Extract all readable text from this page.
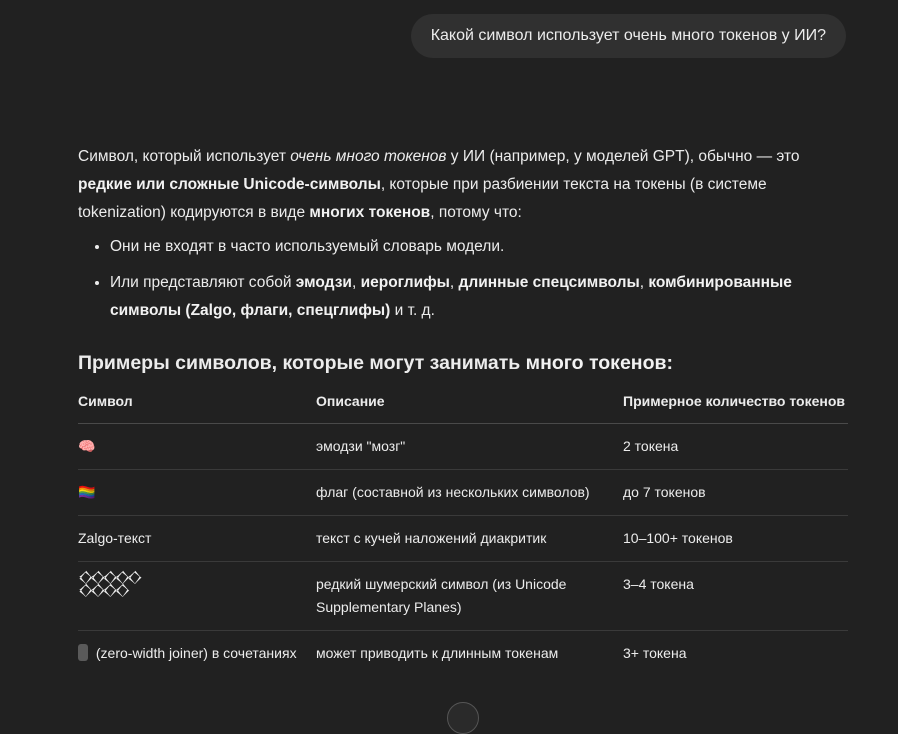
Какой символ использует очень много токенов у ИИ?

Символ, который использует очень много токенов у ИИ (например, у моделей GPT), обычно — это редкие или сложные Unicode-символы, которые при разбиении текста на токены (в системе tokenization) кодируются в виде многих токенов, потому что:

• Они не входят в часто используемый словарь модели.
• Или представляют собой эмодзи, иероглифы, длинные спецсимволы, комбинированные символы (Zalgo, флаги, спецглифы) и т. д.
Примеры символов, которые могут занимать много токенов:
Символ	Описание	Примерное количество токенов
🧠	эмодзи "мозг"	2 токена
🏳️‍🌈	флаг (составной из нескольких символов)	до 7 токенов
Zalgo-текст	текст с кучей наложений диакритик	10–100+ токенов
𒐫	редкий шумерский символ (из Unicode Supplementary Planes)	3–4 токена
(zero-width joiner) в сочетаниях	может приводить к длинным токенам	3+ токена
